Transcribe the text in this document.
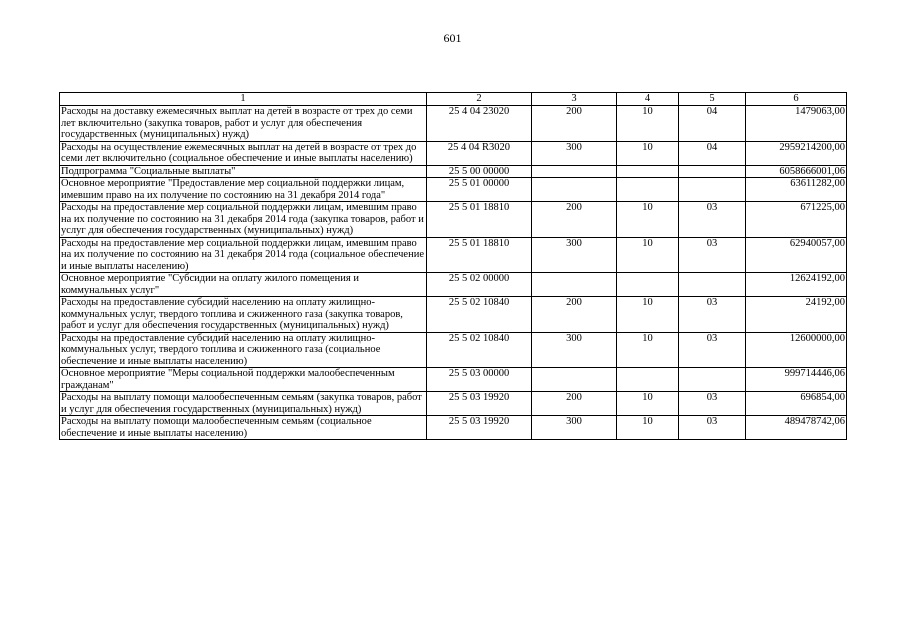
601
1	2	3	4	5	6
Расходы на доставку ежемесячных выплат на детей в возрасте от трех до семи лет включительно (закупка товаров, работ и услуг для обеспечения государственных (муниципальных) нужд)	25 4 04 23020	200	10	04	1479063,00
Расходы на осуществление ежемесячных выплат на детей в возрасте от трех до семи лет включительно (социальное обеспечение и иные выплаты населению)	25 4 04 R3020	300	10	04	2959214200,00
Подпрограмма "Социальные выплаты"	25 5 00 00000				6058666001,06
Основное мероприятие "Предоставление мер социальной поддержки лицам, имевшим право на их получение по состоянию на 31 декабря 2014 года"	25 5 01 00000				63611282,00
Расходы на предоставление мер социальной поддержки лицам, имевшим право на их получение по состоянию на 31 декабря 2014 года (закупка товаров, работ и услуг для обеспечения государственных (муниципальных) нужд)	25 5 01 18810	200	10	03	671225,00
Расходы на предоставление мер социальной поддержки лицам, имевшим право на их получение по состоянию на 31 декабря 2014 года (социальное обеспечение и иные выплаты населению)	25 5 01 18810	300	10	03	62940057,00
Основное мероприятие "Субсидии на оплату жилого помещения и коммунальных услуг"	25 5 02 00000				12624192,00
Расходы на предоставление субсидий населению на оплату жилищно-коммунальных услуг, твердого топлива и сжиженного газа (закупка товаров, работ и услуг для обеспечения государственных (муниципальных) нужд)	25 5 02 10840	200	10	03	24192,00
Расходы на предоставление субсидий населению на оплату жилищно-коммунальных услуг, твердого топлива и сжиженного газа (социальное обеспечение и иные выплаты населению)	25 5 02 10840	300	10	03	12600000,00
Основное мероприятие "Меры социальной поддержки малообеспеченным гражданам"	25 5 03 00000				999714446,06
Расходы на выплату помощи малообеспеченным семьям (закупка товаров, работ и услуг для обеспечения государственных (муниципальных) нужд)	25 5 03 19920	200	10	03	696854,00
Расходы на выплату помощи малообеспеченным семьям (социальное обеспечение и иные выплаты населению)	25 5 03 19920	300	10	03	489478742,06
